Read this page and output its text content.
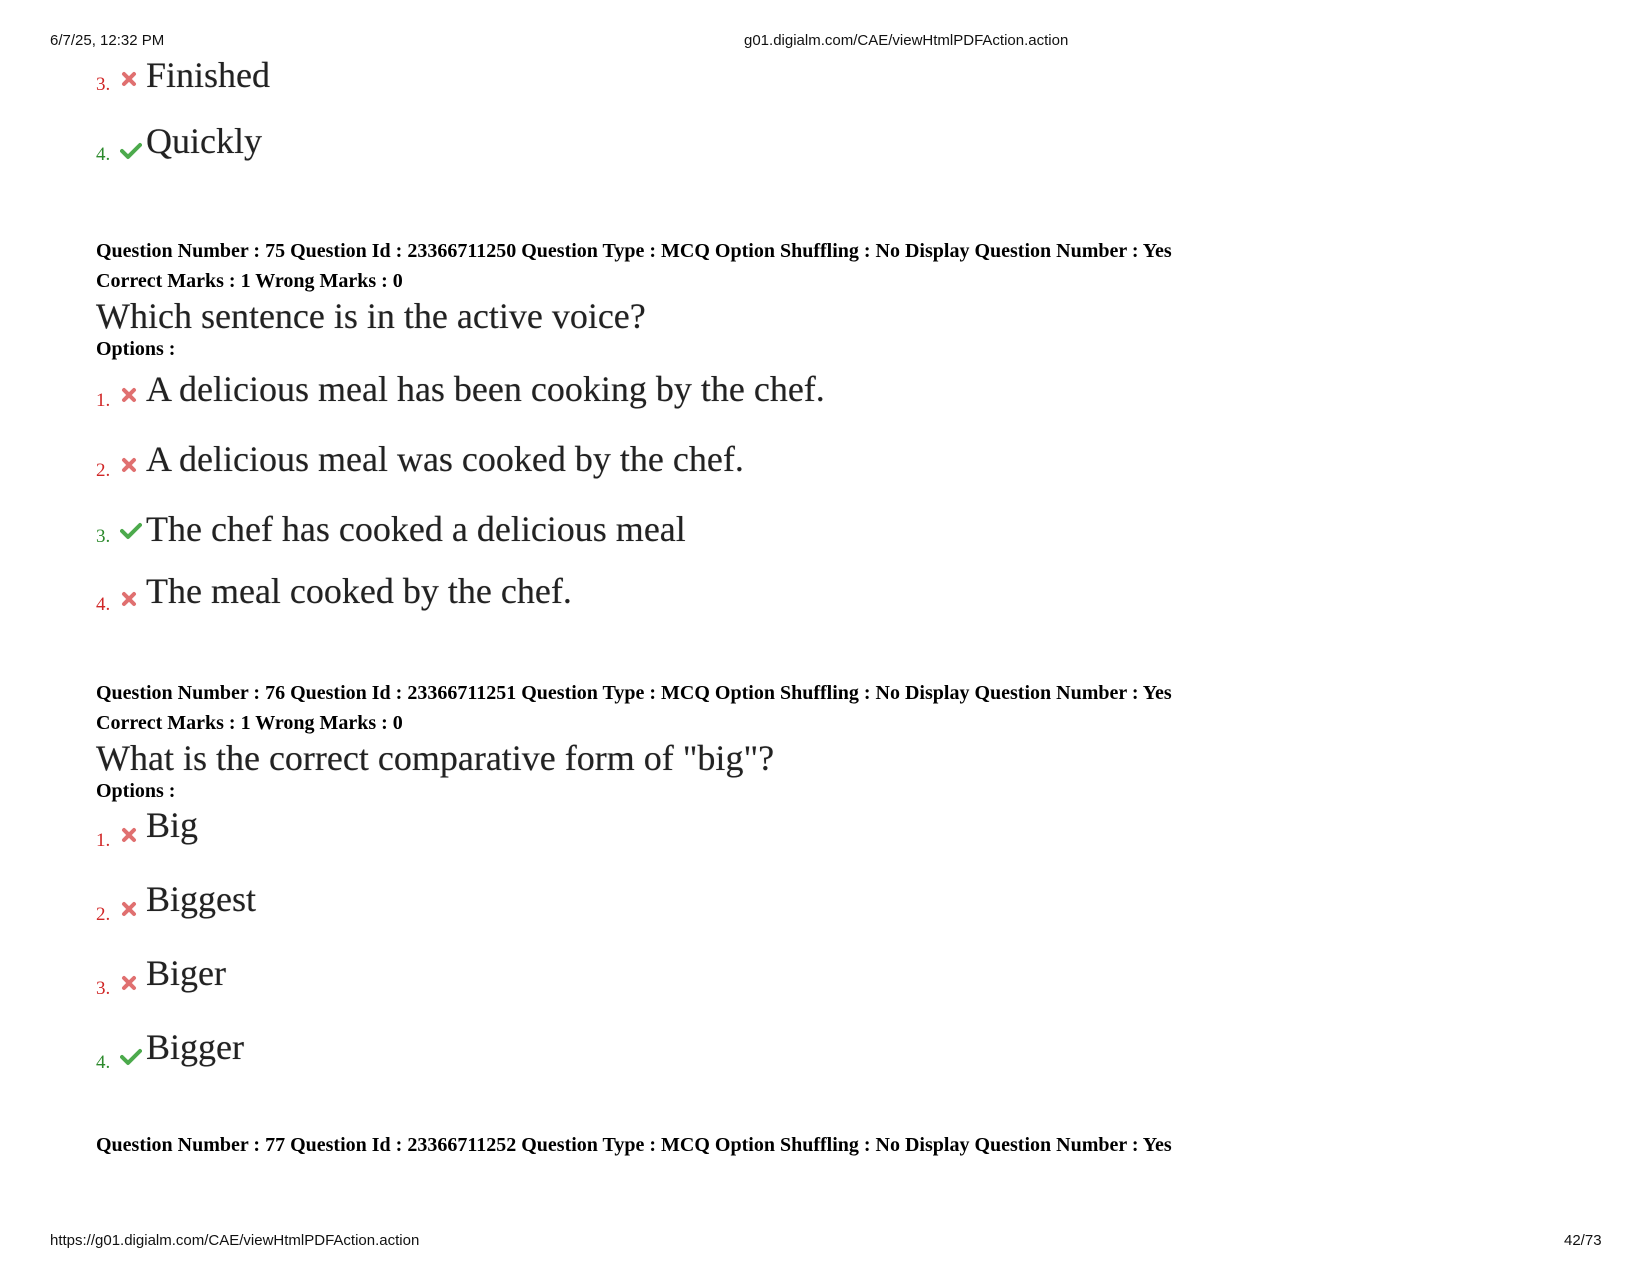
6/7/25, 12:32 PM	g01.digialm.com/CAE/viewHtmlPDFAction.action
3. Finished
4. Quickly
Question Number : 75 Question Id : 23366711250 Question Type : MCQ Option Shuffling : No Display Question Number : Yes
Correct Marks : 1 Wrong Marks : 0
Which sentence is in the active voice?
Options :
1. A delicious meal has been cooking by the chef.
2. A delicious meal was cooked by the chef.
3. The chef has cooked a delicious meal
4. The meal cooked by the chef.
Question Number : 76 Question Id : 23366711251 Question Type : MCQ Option Shuffling : No Display Question Number : Yes
Correct Marks : 1 Wrong Marks : 0
What is the correct comparative form of "big"?
Options :
1. Big
2. Biggest
3. Biger
4. Bigger
Question Number : 77 Question Id : 23366711252 Question Type : MCQ Option Shuffling : No Display Question Number : Yes
https://g01.digialm.com/CAE/viewHtmlPDFAction.action	42/73
